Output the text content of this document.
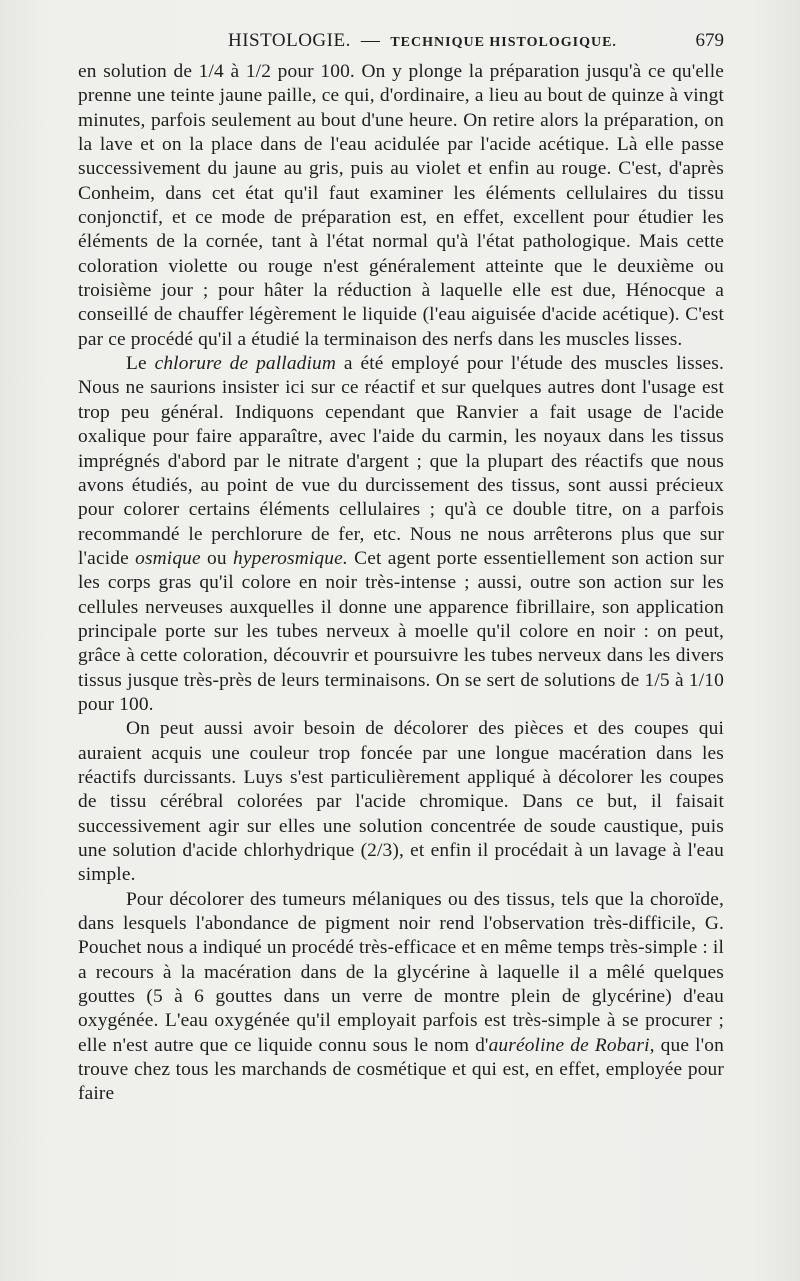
HISTOLOGIE. — TECHNIQUE HISTOLOGIQUE.	679

en solution de 1/4 à 1/2 pour 100. On y plonge la préparation jusqu'à ce qu'elle prenne une teinte jaune paille, ce qui, d'ordinaire, a lieu au bout de quinze à vingt minutes, parfois seulement au bout d'une heure. On retire alors la préparation, on la lave et on la place dans de l'eau acidulée par l'acide acétique. Là elle passe successivement du jaune au gris, puis au violet et enfin au rouge. C'est, d'après Conheim, dans cet état qu'il faut examiner les éléments cellulaires du tissu conjonctif, et ce mode de préparation est, en effet, excellent pour étudier les éléments de la cornée, tant à l'état normal qu'à l'état pathologique. Mais cette coloration violette ou rouge n'est généralement atteinte que le deuxième ou troisième jour ; pour hâter la réduction à laquelle elle est due, Hénocque a conseillé de chauffer légèrement le liquide (l'eau aiguisée d'acide acétique). C'est par ce procédé qu'il a étudié la terminaison des nerfs dans les muscles lisses.

Le chlorure de palladium a été employé pour l'étude des muscles lisses. Nous ne saurions insister ici sur ce réactif et sur quelques autres dont l'usage est trop peu général. Indiquons cependant que Ranvier a fait usage de l'acide oxalique pour faire apparaître, avec l'aide du carmin, les noyaux dans les tissus imprégnés d'abord par le nitrate d'argent ; que la plupart des réactifs que nous avons étudiés, au point de vue du durcissement des tissus, sont aussi précieux pour colorer certains éléments cellulaires ; qu'à ce double titre, on a parfois recommandé le perchlorure de fer, etc. Nous ne nous arrêterons plus que sur l'acide osmique ou hyperosmique. Cet agent porte essentiellement son action sur les corps gras qu'il colore en noir très-intense ; aussi, outre son action sur les cellules nerveuses auxquelles il donne une apparence fibrillaire, son application principale porte sur les tubes nerveux à moelle qu'il colore en noir : on peut, grâce à cette coloration, découvrir et poursuivre les tubes nerveux dans les divers tissus jusque très-près de leurs terminaisons. On se sert de solutions de 1/5 à 1/10 pour 100.

On peut aussi avoir besoin de décolorer des pièces et des coupes qui auraient acquis une couleur trop foncée par une longue macération dans les réactifs durcissants. Luys s'est particulièrement appliqué à décolorer les coupes de tissu cérébral colorées par l'acide chromique. Dans ce but, il faisait successivement agir sur elles une solution concentrée de soude caustique, puis une solution d'acide chlorhydrique (2/3), et enfin il procédait à un lavage à l'eau simple.

Pour décolorer des tumeurs mélaniques ou des tissus, tels que la choroïde, dans lesquels l'abondance de pigment noir rend l'observation très-difficile, G. Pouchet nous a indiqué un procédé très-efficace et en même temps très-simple : il a recours à la macération dans de la glycérine à laquelle il a mêlé quelques gouttes (5 à 6 gouttes dans un verre de montre plein de glycérine) d'eau oxygénée. L'eau oxygénée qu'il employait parfois est très-simple à se procurer ; elle n'est autre que ce liquide connu sous le nom d'auréoline de Robari, que l'on trouve chez tous les marchands de cosmétique et qui est, en effet, employée pour faire
